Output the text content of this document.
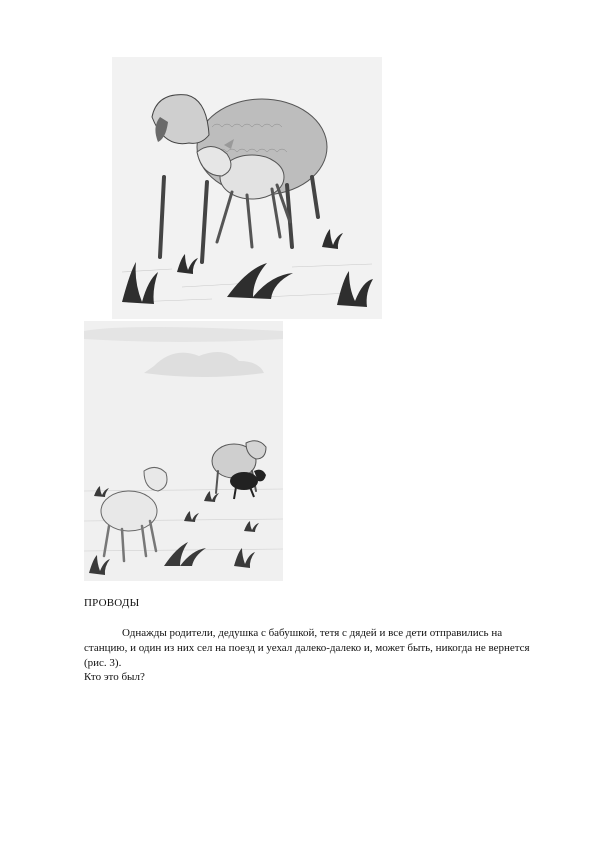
ПРОВОДЫ

Однажды родители, дедушка с бабушкой, тетя с дядей и все дети отправились на станцию, и один из них сел на поезд и уехал далеко-далеко и, может быть, никогда не вернется (рис. 3).

Кто это был?
